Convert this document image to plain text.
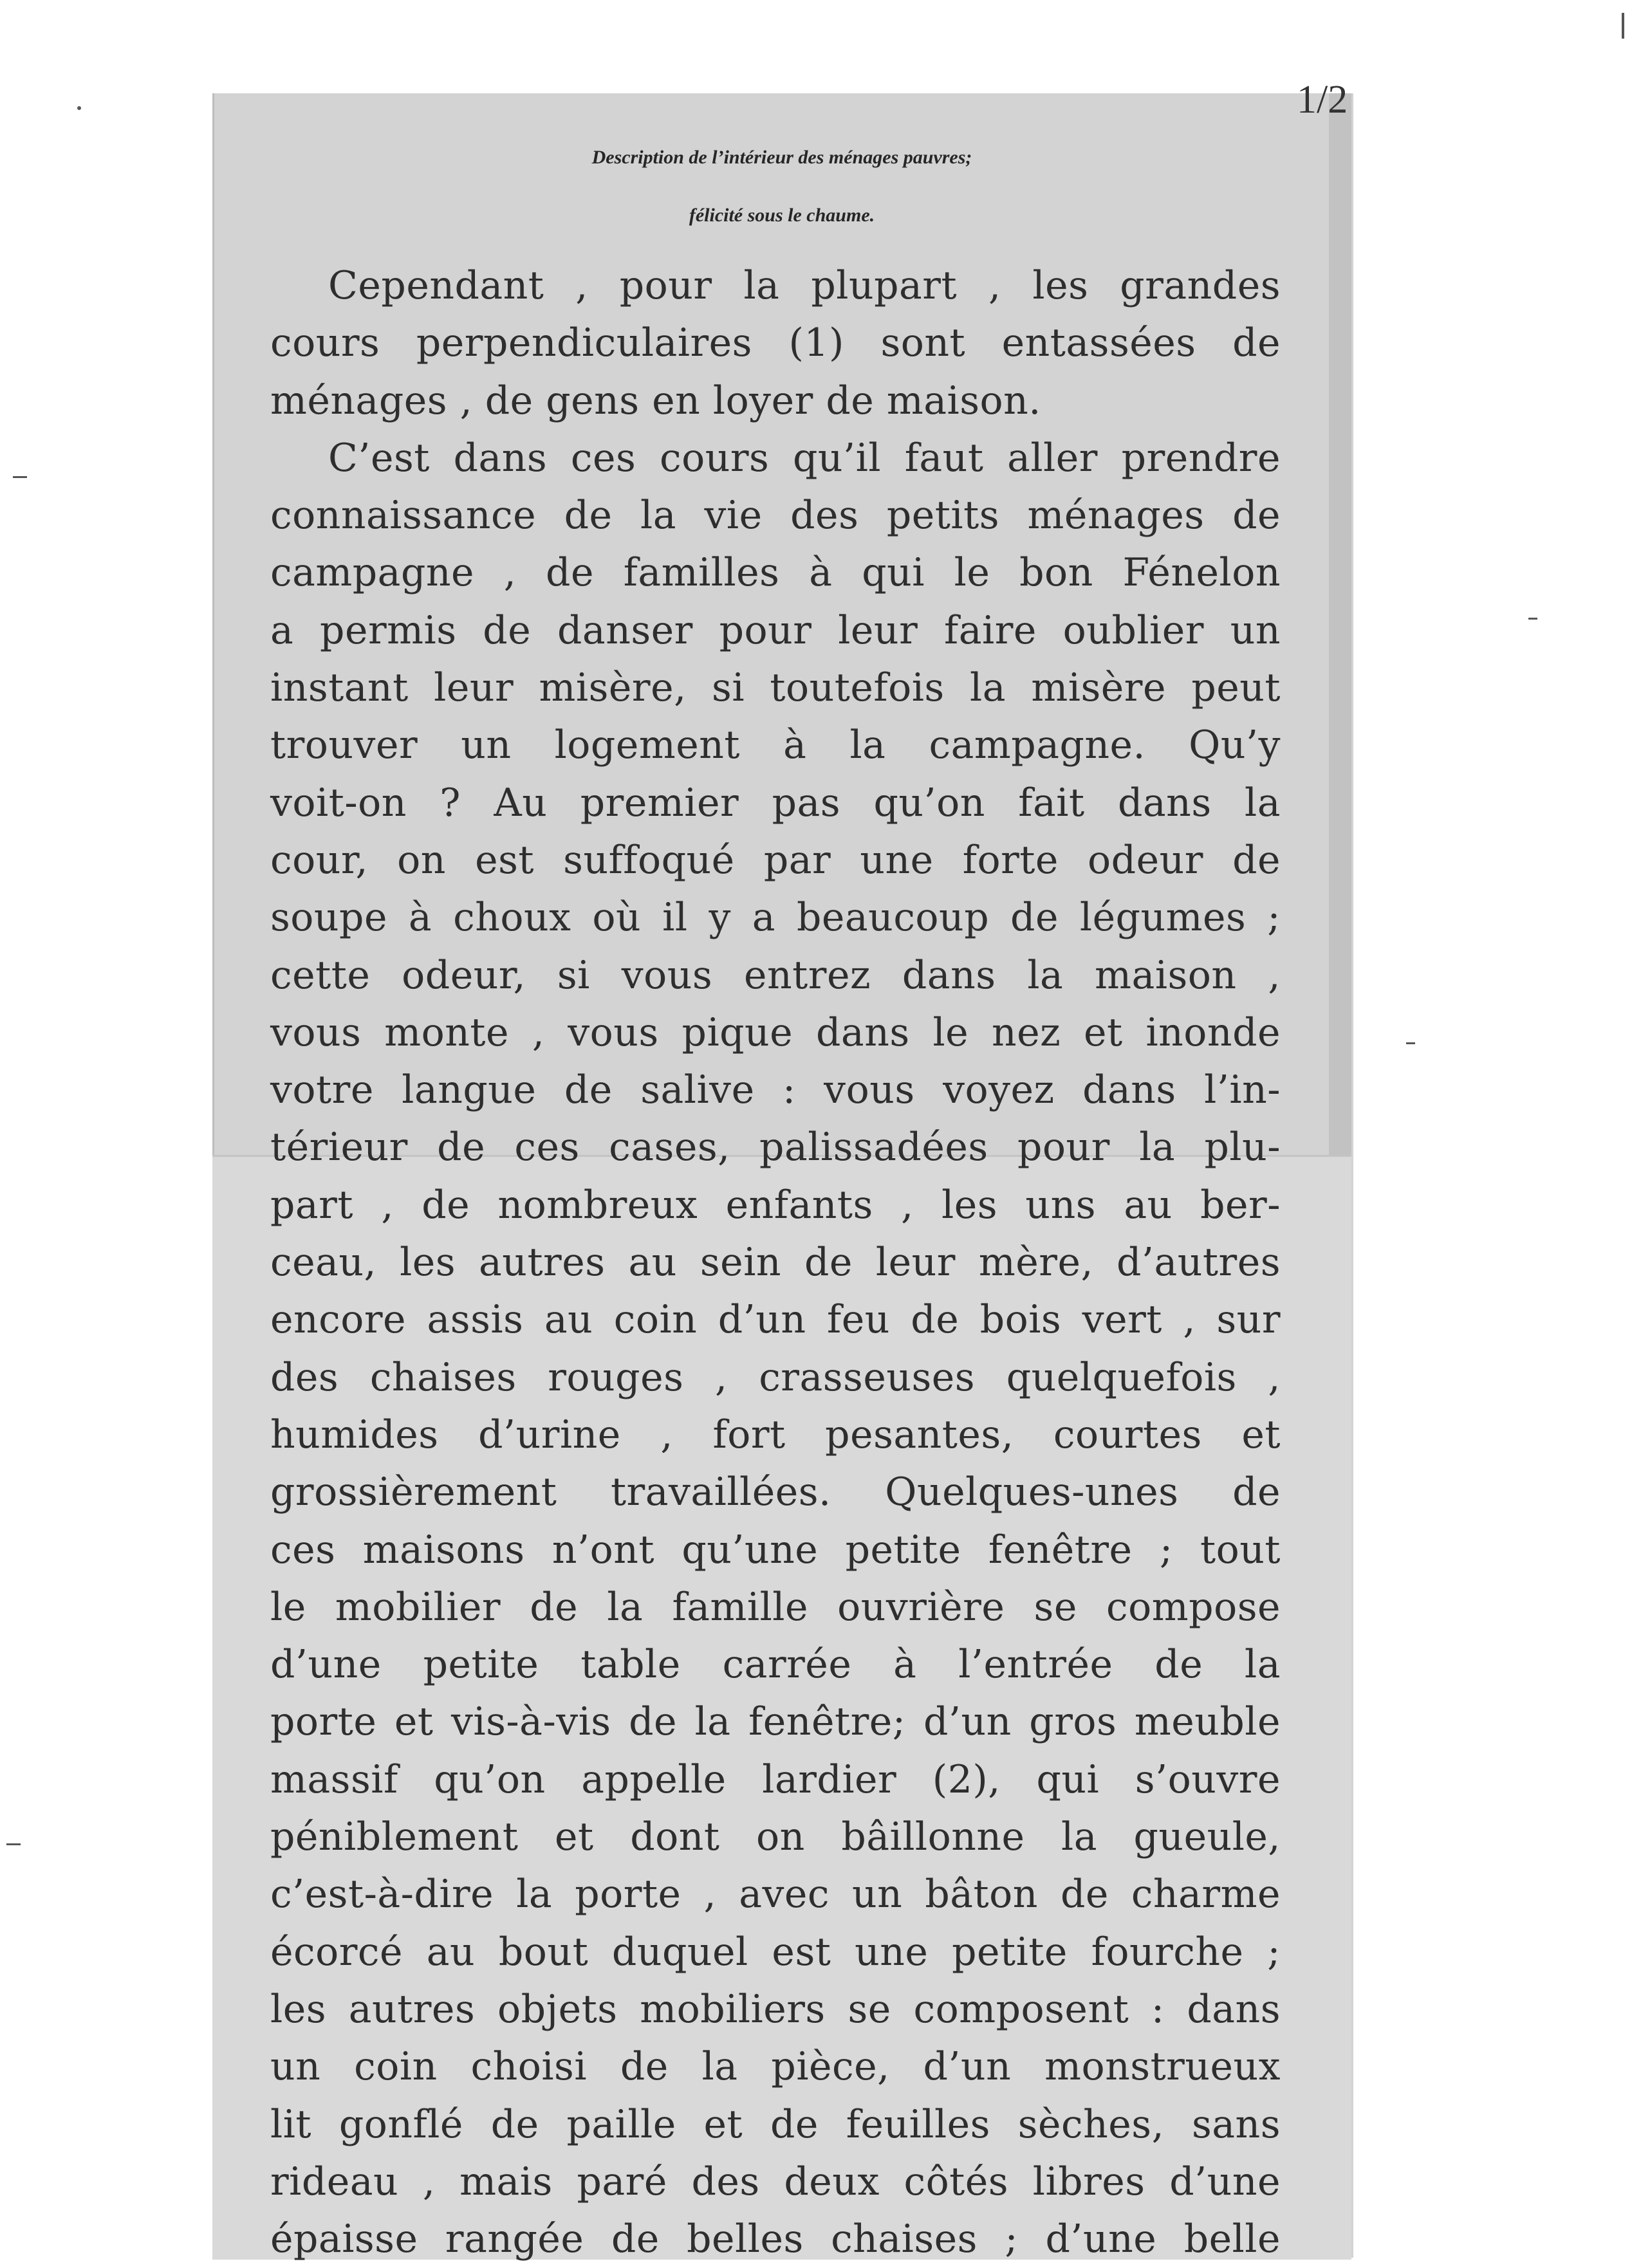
1/2
Description de l’intérieur des ménages pauvres;
félicité sous le chaume.
Cependant , pour la plupart , les grandes
cours perpendiculaires (1) sont entassées de
ménages , de gens en loyer de maison.
C’est dans ces cours qu’il faut aller prendre
connaissance de la vie des petits ménages de
campagne , de familles à qui le bon Fénelon
a permis de danser pour leur faire oublier un
instant leur misère, si toutefois la misère peut
trouver un logement à la campagne. Qu’y
voit-on ? Au premier pas qu’on fait dans la
cour, on est suffoqué par une forte odeur de
soupe à choux où il y a beaucoup de légumes ;
cette odeur, si vous entrez dans la maison ,
vous monte , vous pique dans le nez et inonde
votre langue de salive : vous voyez dans l’in-
térieur de ces cases, palissadées pour la plu-
part , de nombreux enfants , les uns au ber-
ceau, les autres au sein de leur mère, d’autres
encore assis au coin d’un feu de bois vert , sur
des chaises rouges , crasseuses quelquefois ,
humides d’urine , fort pesantes, courtes et
grossièrement travaillées. Quelques-unes de
ces maisons n’ont qu’une petite fenêtre ; tout
le mobilier de la famille ouvrière se compose
d’une petite table carrée à l’entrée de la
porte et vis-à-vis de la fenêtre; d’un gros meuble
massif qu’on appelle lardier (2), qui s’ouvre
péniblement et dont on bâillonne la gueule,
c’est-à-dire la porte , avec un bâton de charme
écorcé au bout duquel est une petite fourche ;
les autres objets mobiliers se composent : dans
un coin choisi de la pièce, d’un monstrueux
lit gonflé de paille et de feuilles sèches, sans
rideau , mais paré des deux côtés libres d’une
épaisse rangée de belles chaises ; d’une belle
